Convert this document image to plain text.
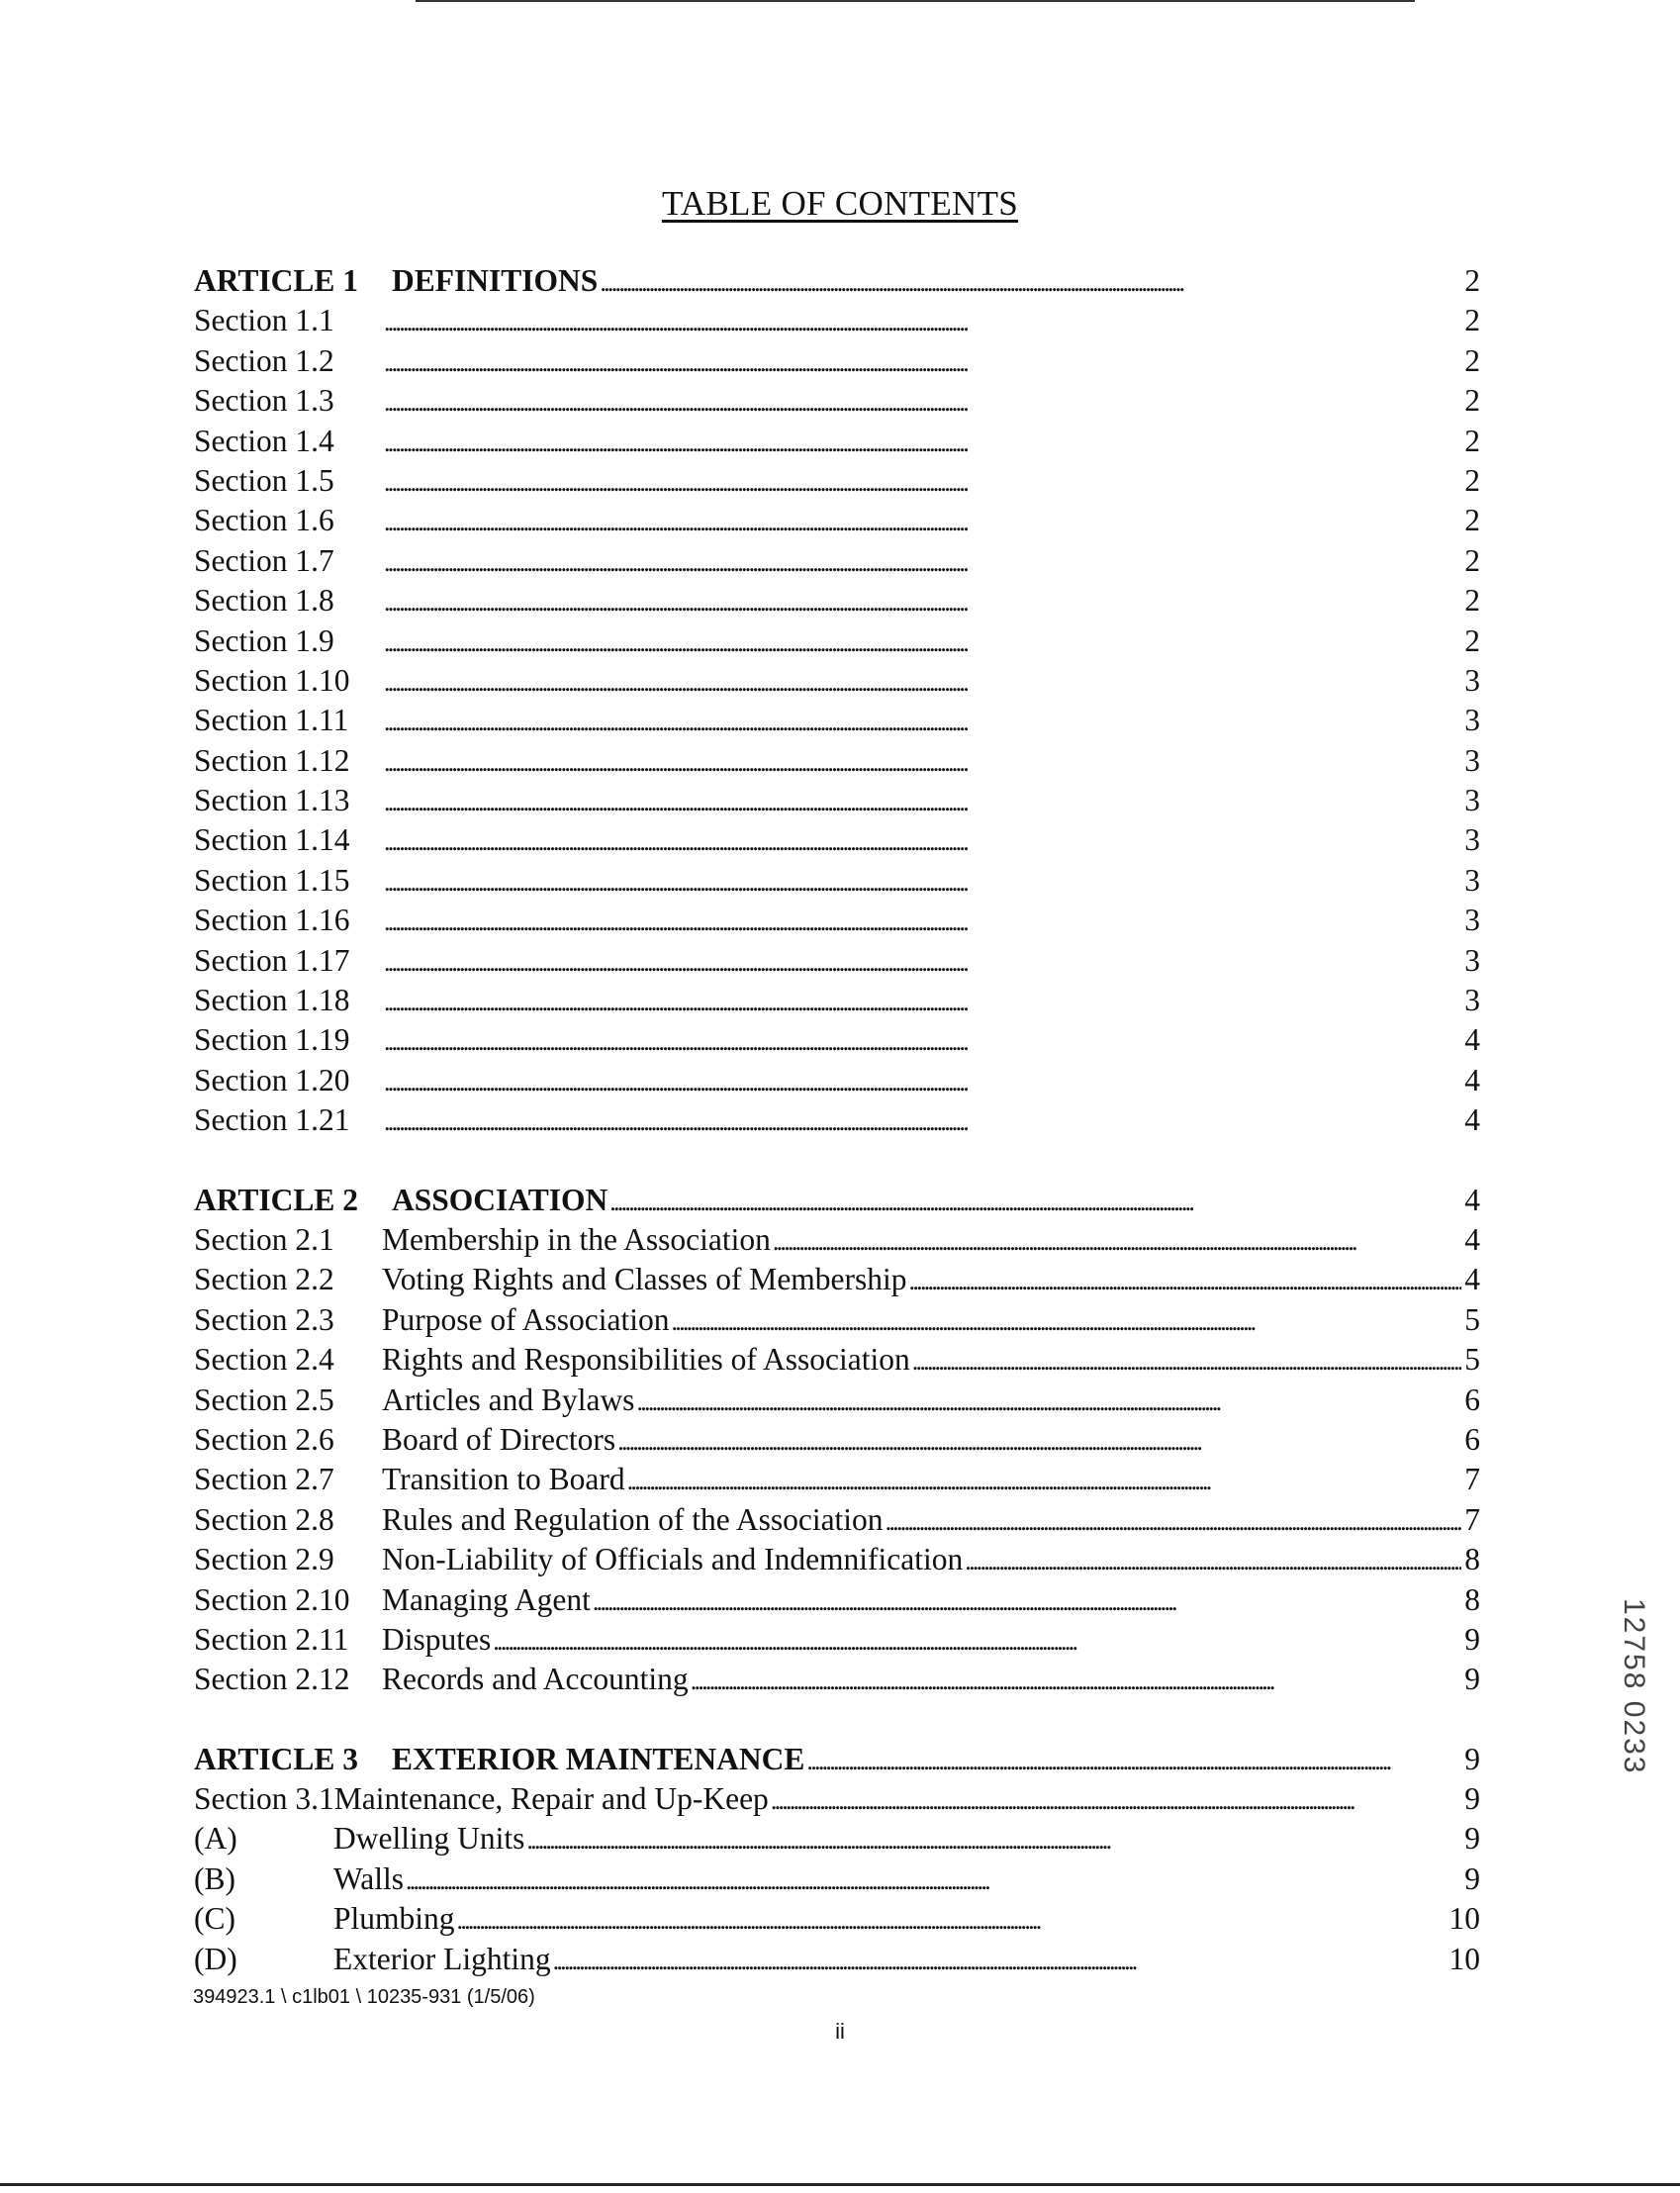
TABLE OF CONTENTS
ARTICLE 1	DEFINITIONS . . .	2
Section 1.1 . . .	2
Section 1.2 . . .	2
Section 1.3 . . .	2
Section 1.4 . . .	2
Section 1.5 . . .	2
Section 1.6 . . .	2
Section 1.7 . . .	2
Section 1.8 . . .	2
Section 1.9 . . .	2
Section 1.10 . . .	3
Section 1.11 . . .	3
Section 1.12 . . .	3
Section 1.13 . . .	3
Section 1.14 . . .	3
Section 1.15 . . .	3
Section 1.16 . . .	3
Section 1.17 . . .	3
Section 1.18 . . .	3
Section 1.19 . . .	4
Section 1.20 . . .	4
Section 1.21 . . .	4
ARTICLE 2	ASSOCIATION . . .	4
Section 2.1	Membership in the Association . . .	4
Section 2.2	Voting Rights and Classes of Membership . . .	4
Section 2.3	Purpose of Association . . .	5
Section 2.4	Rights and Responsibilities of Association . . .	5
Section 2.5	Articles and Bylaws . . .	6
Section 2.6	Board of Directors . . .	6
Section 2.7	Transition to Board . . .	7
Section 2.8	Rules and Regulation of the Association . . .	7
Section 2.9	Non-Liability of Officials and Indemnification . . .	8
Section 2.10	Managing Agent . . .	8
Section 2.11	Disputes . . .	9
Section 2.12	Records and Accounting . . .	9
ARTICLE 3	EXTERIOR MAINTENANCE . . .	9
Section 3.1 Maintenance, Repair and Up-Keep . . .	9
(A)	Dwelling Units . . .	9
(B)	Walls . . .	9
(C)	Plumbing . . .	10
(D)	Exterior Lighting . . .	10
394923.1 \ c1lb01 \ 10235-931 (1/5/06)
ii
12758 0233
